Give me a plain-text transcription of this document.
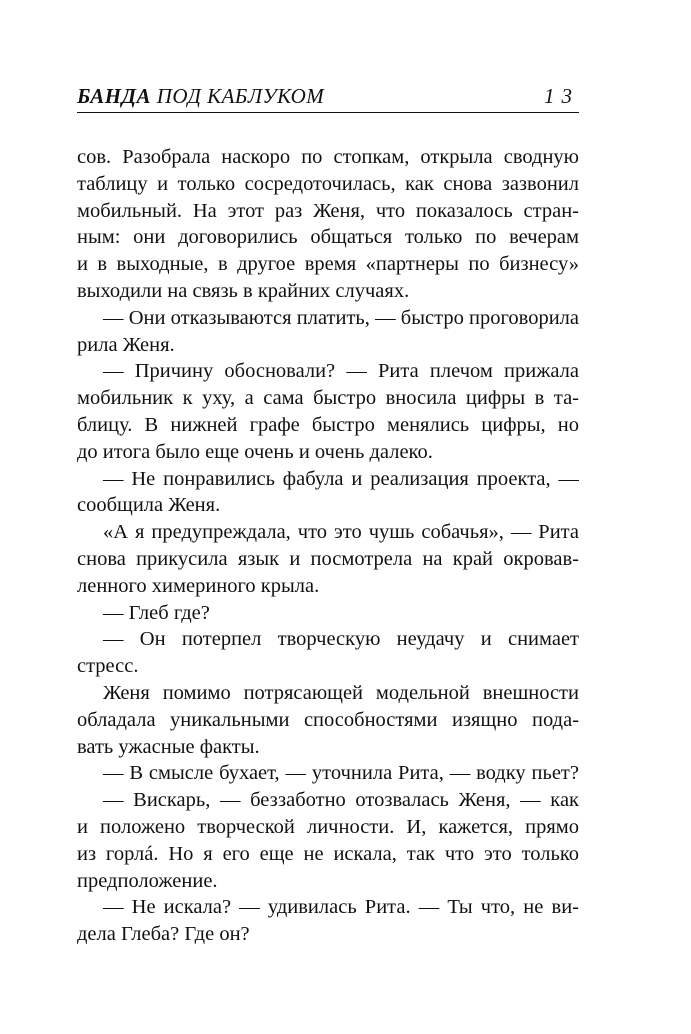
БАНДА ПОД КАБЛУКОМ	13
сов. Разобрала наскоро по стопкам, открыла сводную
таблицу и только сосредоточилась, как снова зазвонил
мобильный. На этот раз Женя, что показалось стран-
ным: они договорились общаться только по вечерам
и в выходные, в другое время «партнеры по бизнесу»
выходили на связь в крайних случаях.
— Они отказываются платить, — быстро проговорила
рила Женя.
— Причину обосновали? — Рита плечом прижала
мобильник к уху, а сама быстро вносила цифры в та-
блицу. В нижней графе быстро менялись цифры, но
до итога было еще очень и очень далеко.
— Не понравились фабула и реализация проекта, —
сообщила Женя.
«А я предупреждала, что это чушь собачья», — Рита
снова прикусила язык и посмотрела на край окровав-
ленного химериного крыла.
— Глеб где?
— Он потерпел творческую неудачу и снимает
стресс.
Женя помимо потрясающей модельной внешности
обладала уникальными способностями изящно пода-
вать ужасные факты.
— В смысле бухает, — уточнила Рита, — водку пьет?
— Вискарь, — беззаботно отозвалась Женя, — как
и положено творческой личности. И, кажется, прямо
из горлá. Но я его еще не искала, так что это только
предположение.
— Не искала? — удивилась Рита. — Ты что, не ви-
дела Глеба? Где он?
